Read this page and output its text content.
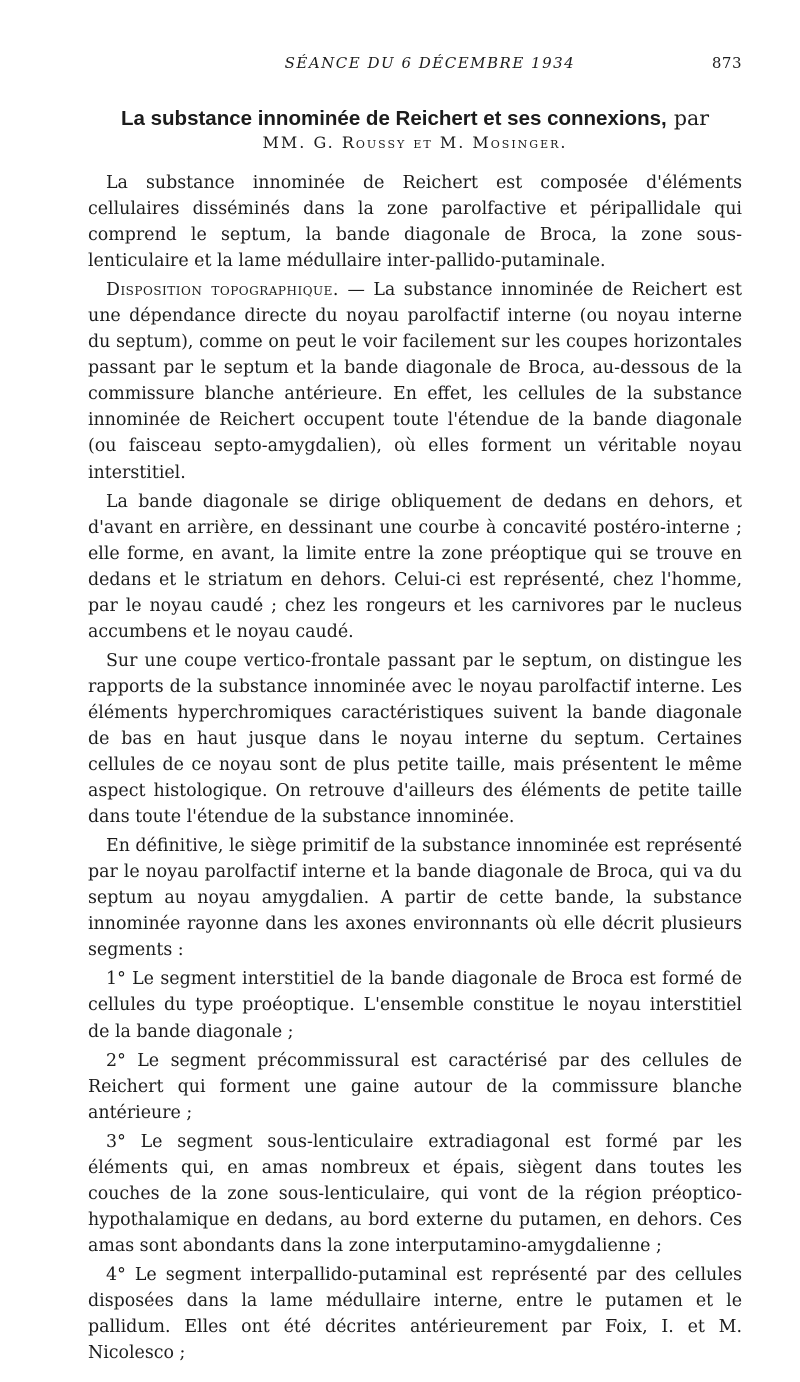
SÉANCE DU 6 DÉCEMBRE 1934	873
La substance innominée de Reichert et ses connexions, par
MM. G. Roussy et M. Mosinger.

La substance innominée de Reichert est composée d'éléments cellulaires disséminés dans la zone parolfactive et péripallidale qui comprend le septum, la bande diagonale de Broca, la zone sous-lenticulaire et la lame médullaire inter-pallido-putaminale.

Disposition topographique. — La substance innominée de Reichert est une dépendance directe du noyau parolfactif interne (ou noyau interne du septum), comme on peut le voir facilement sur les coupes horizontales passant par le septum et la bande diagonale de Broca, au-dessous de la commissure blanche antérieure. En effet, les cellules de la substance innominée de Reichert occupent toute l'étendue de la bande diagonale (ou faisceau septo-amygdalien), où elles forment un véritable noyau interstitiel.

La bande diagonale se dirige obliquement de dedans en dehors, et d'avant en arrière, en dessinant une courbe à concavité postéro-interne ; elle forme, en avant, la limite entre la zone préoptique qui se trouve en dedans et le striatum en dehors. Celui-ci est représenté, chez l'homme, par le noyau caudé ; chez les rongeurs et les carnivores par le nucleus accumbens et le noyau caudé.

Sur une coupe vertico-frontale passant par le septum, on distingue les rapports de la substance innominée avec le noyau parolfactif interne. Les éléments hyperchromiques caractéristiques suivent la bande diagonale de bas en haut jusque dans le noyau interne du septum. Certaines cellules de ce noyau sont de plus petite taille, mais présentent le même aspect histologique. On retrouve d'ailleurs des éléments de petite taille dans toute l'étendue de la substance innominée.

En définitive, le siège primitif de la substance innominée est représenté par le noyau parolfactif interne et la bande diagonale de Broca, qui va du septum au noyau amygdalien. A partir de cette bande, la substance innominée rayonne dans les axones environnants où elle décrit plusieurs segments :

1° Le segment interstitiel de la bande diagonale de Broca est formé de cellules du type proéoptique. L'ensemble constitue le noyau interstitiel de la bande diagonale ;

2° Le segment précommissural est caractérisé par des cellules de Reichert qui forment une gaine autour de la commissure blanche antérieure ;

3° Le segment sous-lenticulaire extradiagonal est formé par les éléments qui, en amas nombreux et épais, siègent dans toutes les couches de la zone sous-lenticulaire, qui vont de la région préoptico-hypothalamique en dedans, au bord externe du putamen, en dehors. Ces amas sont abondants dans la zone interputamino-amygdalienne ;

4° Le segment interpallido-putaminal est représenté par des cellules disposées dans la lame médullaire interne, entre le putamen et le pallidum. Elles ont été décrites antérieurement par Foix, I. et M. Nicolesco ;
